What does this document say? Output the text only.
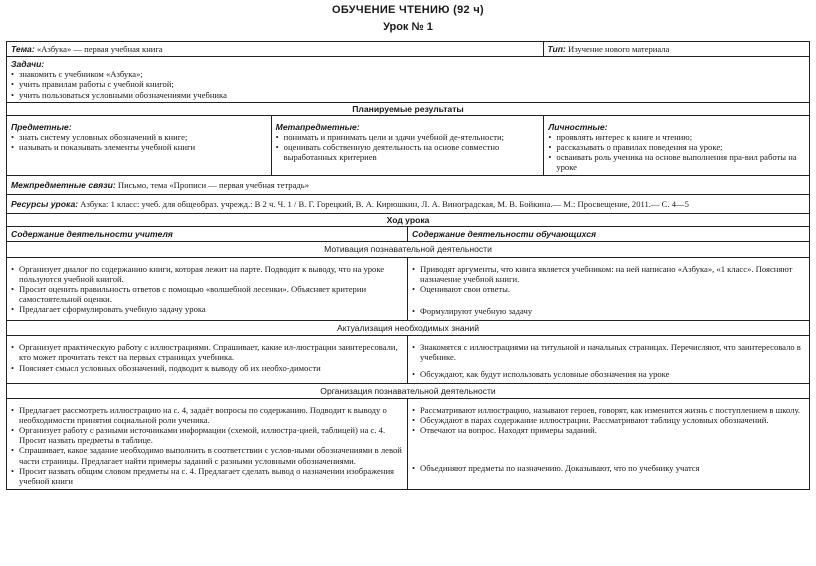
ОБУЧЕНИЕ ЧТЕНИЮ (92 ч)
Урок № 1
Тема: «Азбука» — первая учебная книга	Тип: Изучение нового материала
Задачи:
• знакомить с учебником «Азбука»;
• учить правилам работы с учебной книгой;
• учить пользоваться условными обозначениями учебника
Планируемые результаты
Предметные:
• знать систему условных обозначений в книге;
• называть и показывать элементы учебной книги
Метапредметные:
• понимать и принимать цели и здачи учебной де-ятельности;
• оценивать собственную деятельность на основе совместно выработанных критериев
Личностные:
• проявлять интерес к книге и чтению;
• рассказывать о правилах поведения на уроке;
• осваивать роль ученика на основе выполнения пра-вил работы на уроке
Межпредметные связи: Письмо, тема «Прописи — первая учебная тетрадь»
Ресурсы урока: Азбука: 1 класс: учеб. для общеобраз. учрежд.: В 2 ч. Ч. 1 / В. Г. Горецкий, В. А. Кирюшкин, Л. А. Виноградская, М. В. Бойкина.— М.: Просвещение, 2011.— С. 4—5
Ход урока
Содержание деятельности учителя	Содержание деятельности обучающихся
Мотивация познавательной деятельности
• Организует диалог по содержанию книги, которая лежит на парте. Подводит к выводу, что на уроке пользуются учебной книгой.
• Просит оценить правильность ответов с помощью «волшебной лесенки». Объясняет критерии самостоятельной оценки.
• Предлагает сформулировать учебную задачу урока
• Приводят аргументы, что книга является учебником: на ней написано «Азбука», «1 класс». Поясняют назначение учебной книги.
• Оценивают свои ответы.
• Формулируют учебную задачу
Актуализация необходимых знаний
• Организует практическую работу с иллюстрациями. Спрашивает, какие ил-люстрации заинтересовали, кто может прочитать текст на первых страницах учебника.
• Поясняет смысл условных обозначений, подводит к выводу об их необхо-димости
• Знакомятся с иллюстрациями на титульной и начальных страницах. Перечисляют, что заинтересовало в учебнике.
• Обсуждают, как будут использовать условные обозначения на уроке
Организация познавательной деятельности
• Предлагает рассмотреть иллюстрацию на с. 4, задаёт вопросы по содержанию. Подводит к выводу о необходимости принятия социальной роли ученика.
• Организует работу с разными источниками информации (схемой, иллюстра-цией, таблицей) на с. 4. Просит назвать предметы в таблице.
• Спрашивает, какое задание необходимо выполнить в соответствии с услов-ными обозначениями в левой части страницы. Предлагает найти примеры заданий с разными условными обозначениями.
• Просит назвать общим словом предметы на с. 4. Предлагает сделать вывод о назначении изображения учебной книги
• Рассматривают иллюстрацию, называют героев, говорят, как изменится жизнь с поступлением в школу.
• Обсуждают в парах содержание иллюстрации. Рассматривают таблицу условных обозначений.
• Отвечают на вопрос. Находят примеры заданий.
• Объединяют предметы по назначению. Доказывают, что по учебнику учатся
